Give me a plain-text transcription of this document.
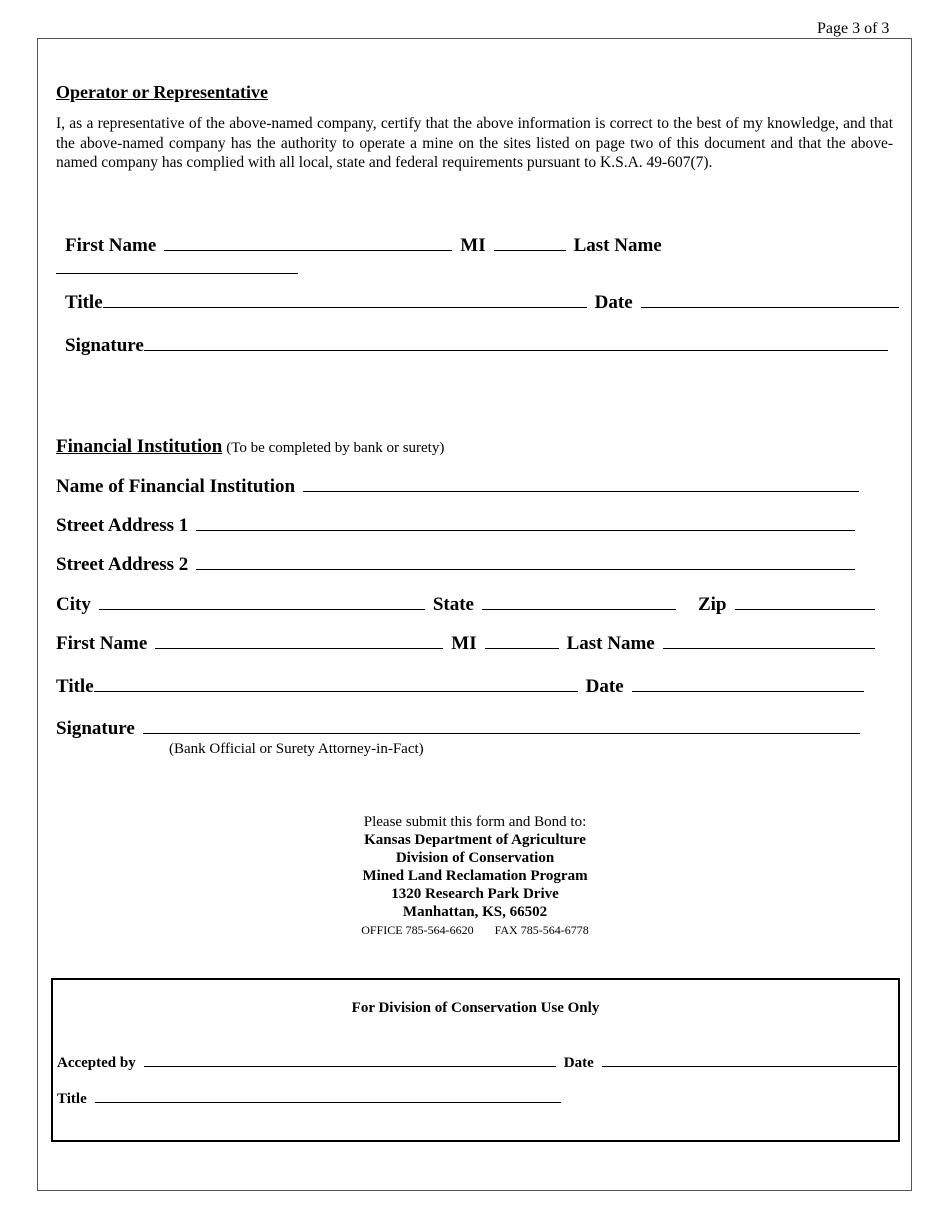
Page 3 of 3
Operator or Representative
I, as a representative of the above-named company, certify that the above information is correct to the best of my knowledge, and that the above-named company has the authority to operate a mine on the sites listed on page two of this document and that the above-named company has complied with all local, state and federal requirements pursuant to K.S.A. 49-607(7).
First Name	MI	Last Name
Title	Date
Signature
Financial Institution (To be completed by bank or surety)
Name of Financial Institution
Street Address 1
Street Address 2
City	State	Zip
First Name	MI	Last Name
Title	Date
Signature
(Bank Official or Surety Attorney-in-Fact)
Please submit this form and Bond to:
Kansas Department of Agriculture
Division of Conservation
Mined Land Reclamation Program
1320 Research Park Drive
Manhattan, KS, 66502
OFFICE 785-564-6620 FAX 785-564-6778
For Division of Conservation Use Only
Accepted by	Date
Title
